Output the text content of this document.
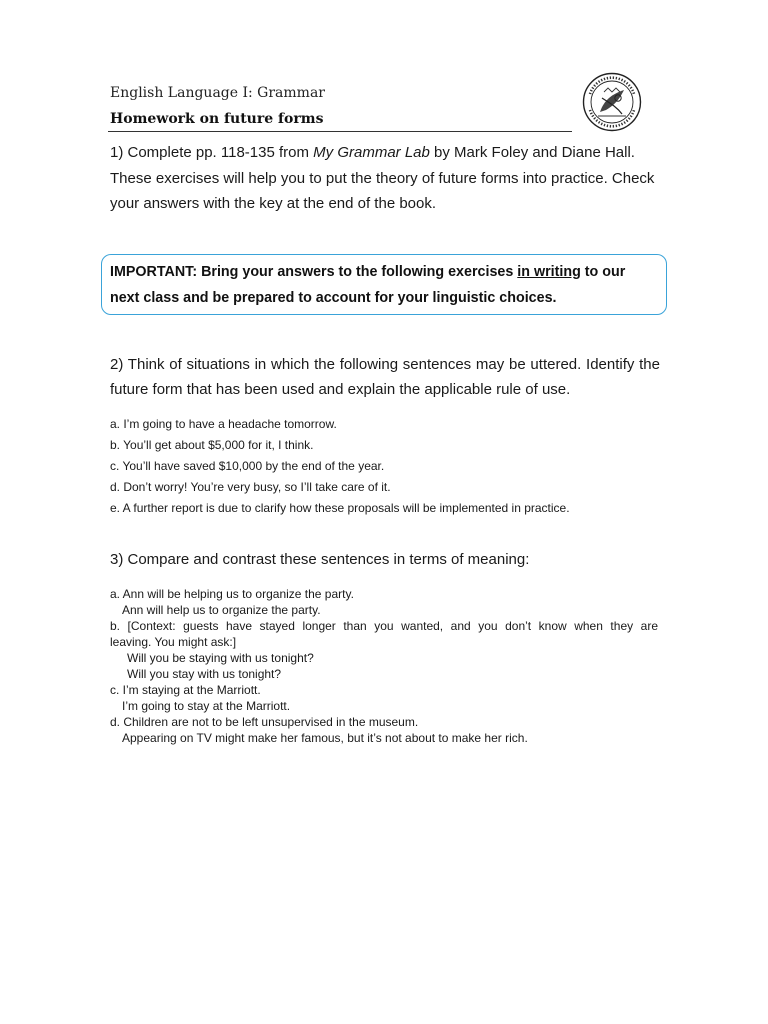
English Language I: Grammar
Homework on future forms
1) Complete pp. 118-135 from My Grammar Lab by Mark Foley and Diane Hall. These exercises will help you to put the theory of future forms into practice. Check your answers with the key at the end of the book.
IMPORTANT: Bring your answers to the following exercises in writing to our next class and be prepared to account for your linguistic choices.
2) Think of situations in which the following sentences may be uttered. Identify the future form that has been used and explain the applicable rule of use.
a. I’m going to have a headache tomorrow.
b. You’ll get about $5,000 for it, I think.
c. You’ll have saved $10,000 by the end of the year.
d. Don’t worry! You’re very busy, so I’ll take care of it.
e. A further report is due to clarify how these proposals will be implemented in practice.
3) Compare and contrast these sentences in terms of meaning:
a. Ann will be helping us to organize the party.
Ann will help us to organize the party.
b. [Context: guests have stayed longer than you wanted, and you don’t know when they are
leaving. You might ask:]
Will you be staying with us tonight?
Will you stay with us tonight?
c. I’m staying at the Marriott.
I’m going to stay at the Marriott.
d. Children are not to be left unsupervised in the museum.
Appearing on TV might make her famous, but it’s not about to make her rich.
